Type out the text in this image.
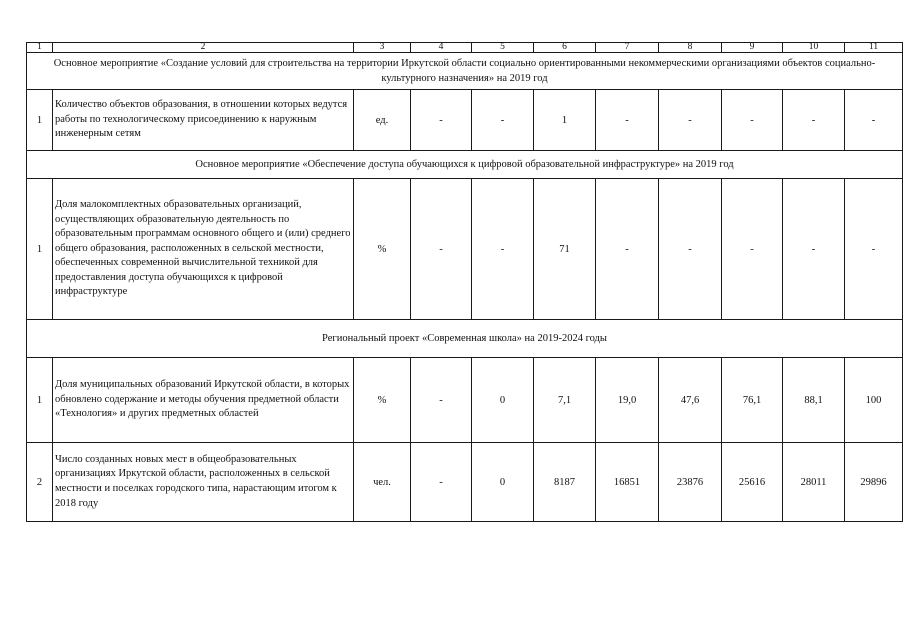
1	2	3	4	5	6	7	8	9	10	11
Основное мероприятие «Создание условий для строительства на территории Иркутской области социально ориентированными некоммерческими организациями объектов социально-культурного назначения» на 2019 год										
1	Количество объектов образования, в отношении которых ведутся работы по технологическому присоединению к наружным инженерным сетям	ед.	-	-	1	-	-	-	-	-
Основное мероприятие «Обеспечение доступа обучающихся к цифровой образовательной инфраструктуре» на 2019 год										
1	Доля малокомплектных образовательных организаций, осуществляющих образовательную деятельность по образовательным программам основного общего и (или) среднего общего образования, расположенных в сельской местности, обеспеченных современной вычислительной техникой для предоставления доступа обучающихся к цифровой инфраструктуре	%	-	-	71	-	-	-	-	-
Региональный проект «Современная школа» на 2019-2024 годы										
1	Доля муниципальных образований Иркутской области, в которых обновлено содержание и методы обучения предметной области «Технология» и других предметных областей	%	-	0	7,1	19,0	47,6	76,1	88,1	100
2	Число созданных новых мест в общеобразовательных организациях Иркутской области, расположенных в сельской местности и поселках городского типа, нарастающим итогом к 2018 году	чел.	-	0	8187	16851	23876	25616	28011	29896
